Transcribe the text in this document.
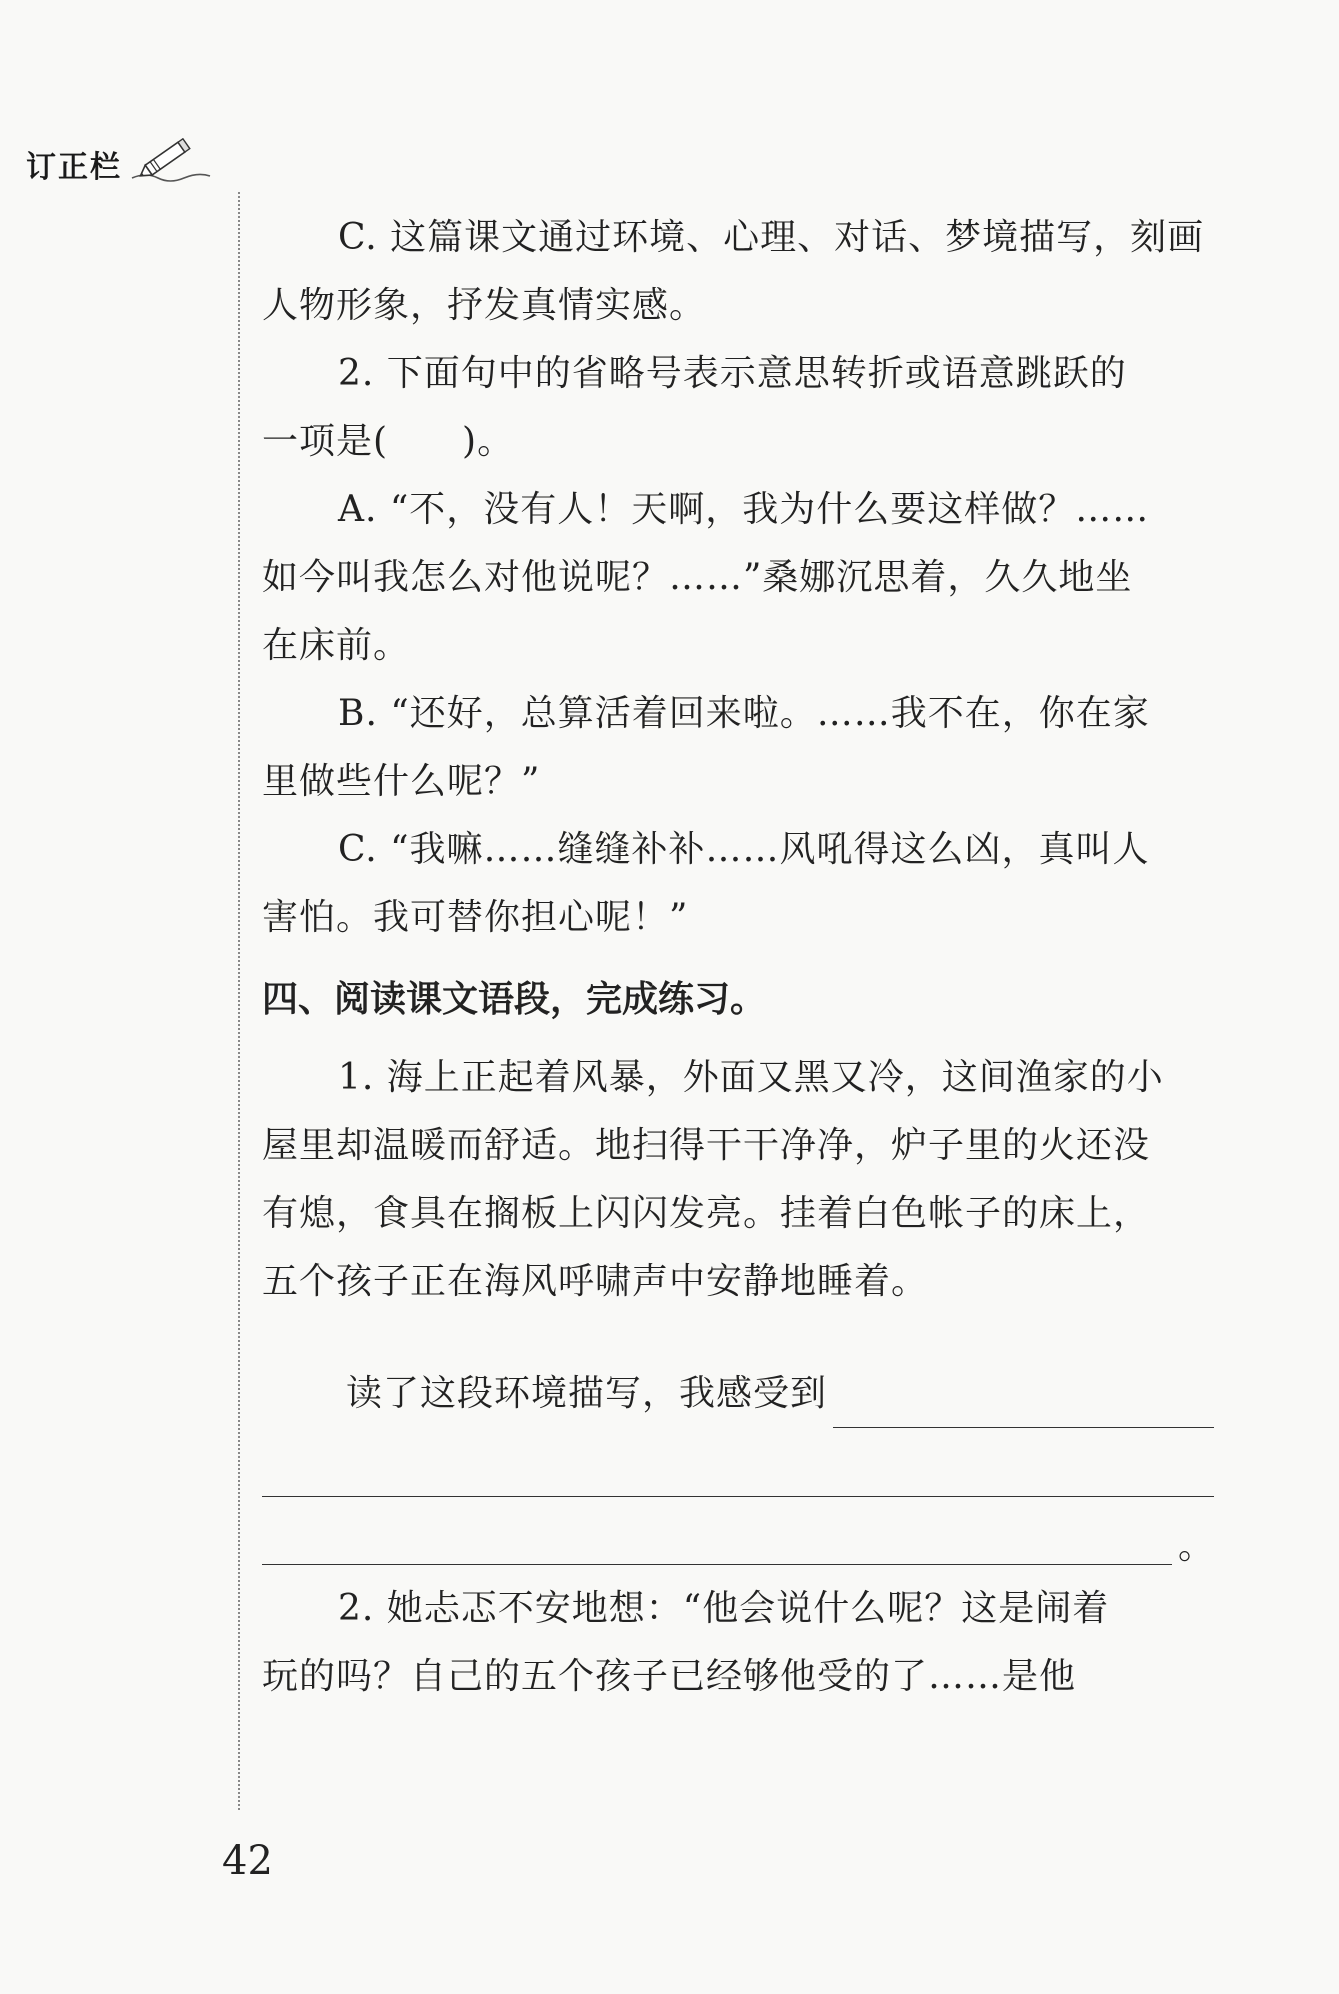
订正栏

C. 这篇课文通过环境、心理、对话、梦境描写，刻画

人物形象，抒发真情实感。

2. 下面句中的省略号表示意思转折或语意跳跃的

一项是(　　)。

A. “不，没有人！天啊，我为什么要这样做？……

如今叫我怎么对他说呢？……”桑娜沉思着，久久地坐

在床前。

B. “还好，总算活着回来啦。……我不在，你在家

里做些什么呢？”

C. “我嘛……缝缝补补……风吼得这么凶，真叫人

害怕。我可替你担心呢！”

四、阅读课文语段，完成练习。

1. 海上正起着风暴，外面又黑又冷，这间渔家的小

屋里却温暖而舒适。地扫得干干净净，炉子里的火还没

有熄，食具在搁板上闪闪发亮。挂着白色帐子的床上，

五个孩子正在海风呼啸声中安静地睡着。

读了这段环境描写，我感受到
。

2. 她忐忑不安地想：“他会说什么呢？这是闹着

玩的吗？自己的五个孩子已经够他受的了……是他

42
